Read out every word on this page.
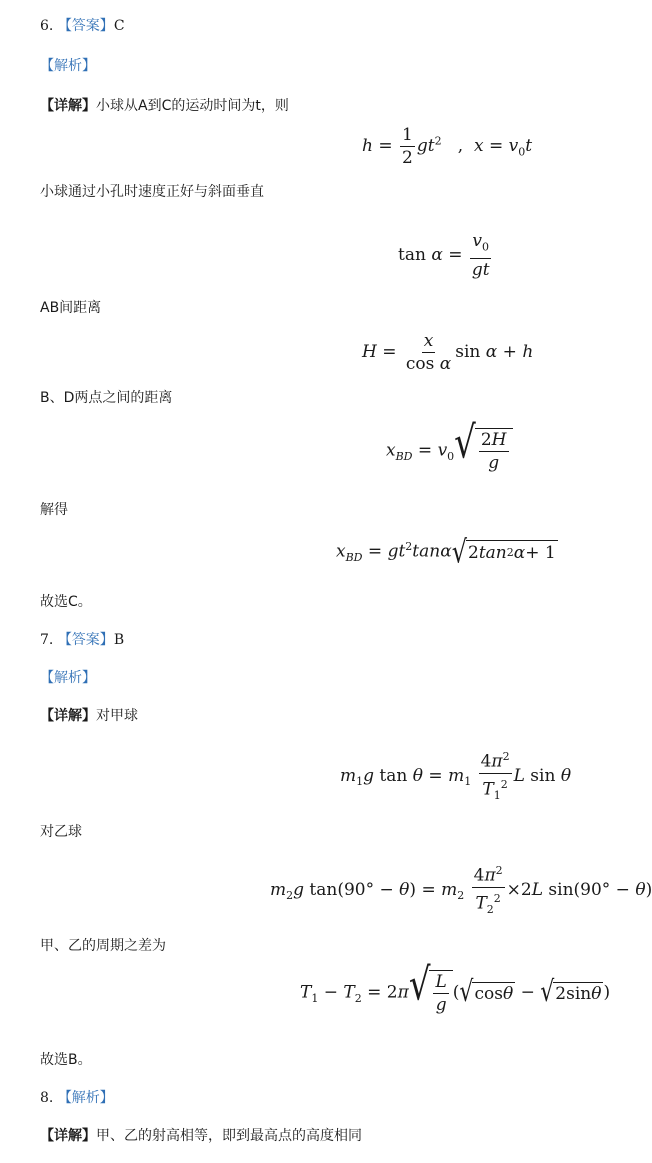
6. 【答案】C
【解析】
【详解】小球从A到C的运动时间为t，则
$h = \frac{1}{2} gt^2$   ,  $x = v_0t$
小球通过小孔时速度正好与斜面垂直
$\tan \alpha = \frac{v_0}{gt}$
AB间距离
$H = \frac{x}{\text{cos α}}$ sin α + h
B、D两点之间的距离
$x_{BD} = v_0$ √ $\frac{2H}{g}$
解得
$x_{BD} = gt^2\tan\alpha$ √ 2 tan 2 α + 1
故选C。
7. 【答案】B
【解析】
【详解】对甲球
$m_1g$ $\tan \theta = m_1 \frac{4\pi^2}{T_1^2}$ L sin θ
对乙球
$m_2g$ $\tan(90^\circ - \theta) = m_2 \frac{4\pi^2}{T_2^2} \times 2L$ sin(90° − θ)
甲、乙的周期之差为
$T_1 - T_2 = 2\pi$ √ $\frac{L}{g}$ ( √ cos θ − √ 2sin θ )
故选B。
8. 【解析】
【详解】甲、乙的射高相等，即到最高点的高度相同
